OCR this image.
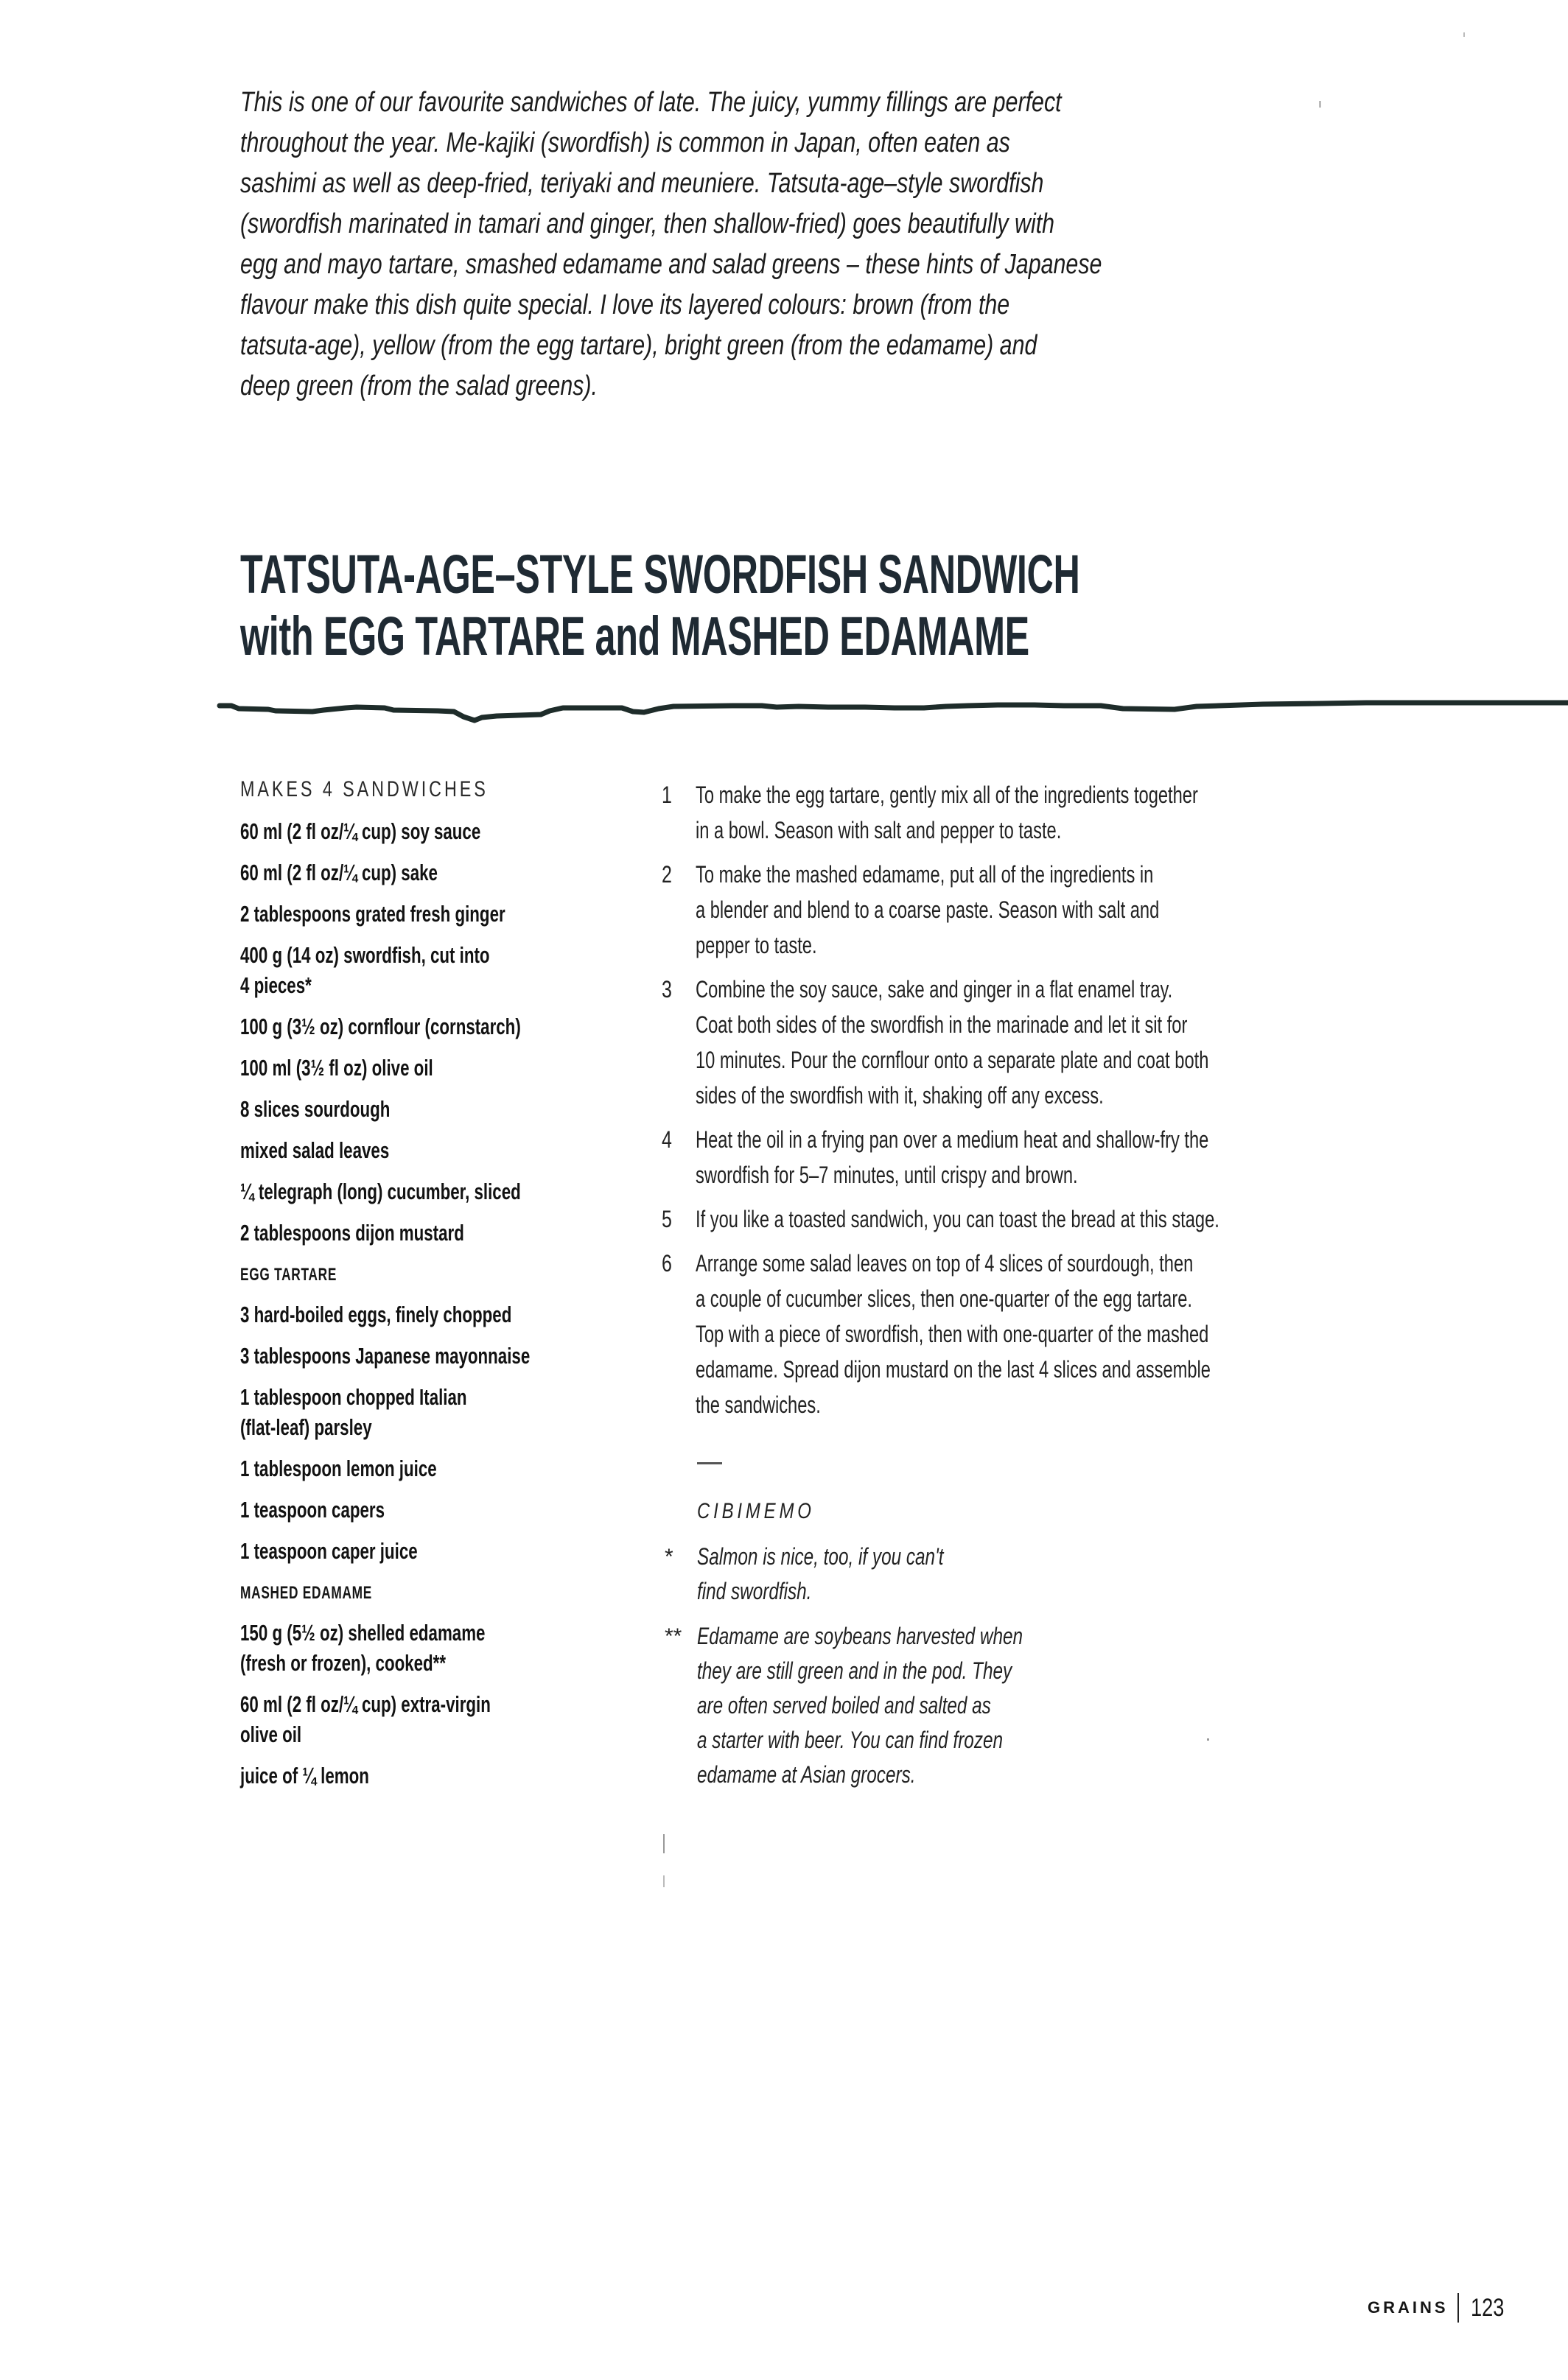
This is one of our favourite sandwiches of late. The juicy, yummy fillings are perfect
throughout the year. Me-kajiki (swordfish) is common in Japan, often eaten as
sashimi as well as deep-fried, teriyaki and meuniere. Tatsuta-age–style swordfish
(swordfish marinated in tamari and ginger, then shallow-fried) goes beautifully with
egg and mayo tartare, smashed edamame and salad greens – these hints of Japanese
flavour make this dish quite special. I love its layered colours: brown (from the
tatsuta-age), yellow (from the egg tartare), bright green (from the edamame) and
deep green (from the salad greens).
TATSUTA-AGE–STYLE SWORDFISH SANDWICH
with EGG TARTARE and MASHED EDAMAME
MAKES 4 SANDWICHES
60 ml (2 fl oz/¼ cup) soy sauce
60 ml (2 fl oz/¼ cup) sake
2 tablespoons grated fresh ginger
400 g (14 oz) swordfish, cut into
4 pieces*
100 g (3½ oz) cornflour (cornstarch)
100 ml (3½ fl oz) olive oil
8 slices sourdough
mixed salad leaves
¼ telegraph (long) cucumber, sliced
2 tablespoons dijon mustard
EGG TARTARE
3 hard-boiled eggs, finely chopped
3 tablespoons Japanese mayonnaise
1 tablespoon chopped Italian
(flat-leaf) parsley
1 tablespoon lemon juice
1 teaspoon capers
1 teaspoon caper juice
MASHED EDAMAME
150 g (5½ oz) shelled edamame
(fresh or frozen), cooked**
60 ml (2 fl oz/¼ cup) extra-virgin
olive oil
juice of ¼ lemon
1 To make the egg tartare, gently mix all of the ingredients together
in a bowl. Season with salt and pepper to taste.
2 To make the mashed edamame, put all of the ingredients in
a blender and blend to a coarse paste. Season with salt and
pepper to taste.
3 Combine the soy sauce, sake and ginger in a flat enamel tray.
Coat both sides of the swordfish in the marinade and let it sit for
10 minutes. Pour the cornflour onto a separate plate and coat both
sides of the swordfish with it, shaking off any excess.
4 Heat the oil in a frying pan over a medium heat and shallow-fry the
swordfish for 5–7 minutes, until crispy and brown.
5 If you like a toasted sandwich, you can toast the bread at this stage.
6 Arrange some salad leaves on top of 4 slices of sourdough, then
a couple of cucumber slices, then one-quarter of the egg tartare.
Top with a piece of swordfish, then with one-quarter of the mashed
edamame. Spread dijon mustard on the last 4 slices and assemble
the sandwiches.
CIBIMEMO
* Salmon is nice, too, if you can't
find swordfish.
** Edamame are soybeans harvested when
they are still green and in the pod. They
are often served boiled and salted as
a starter with beer. You can find frozen
edamame at Asian grocers.
GRAINS 123
